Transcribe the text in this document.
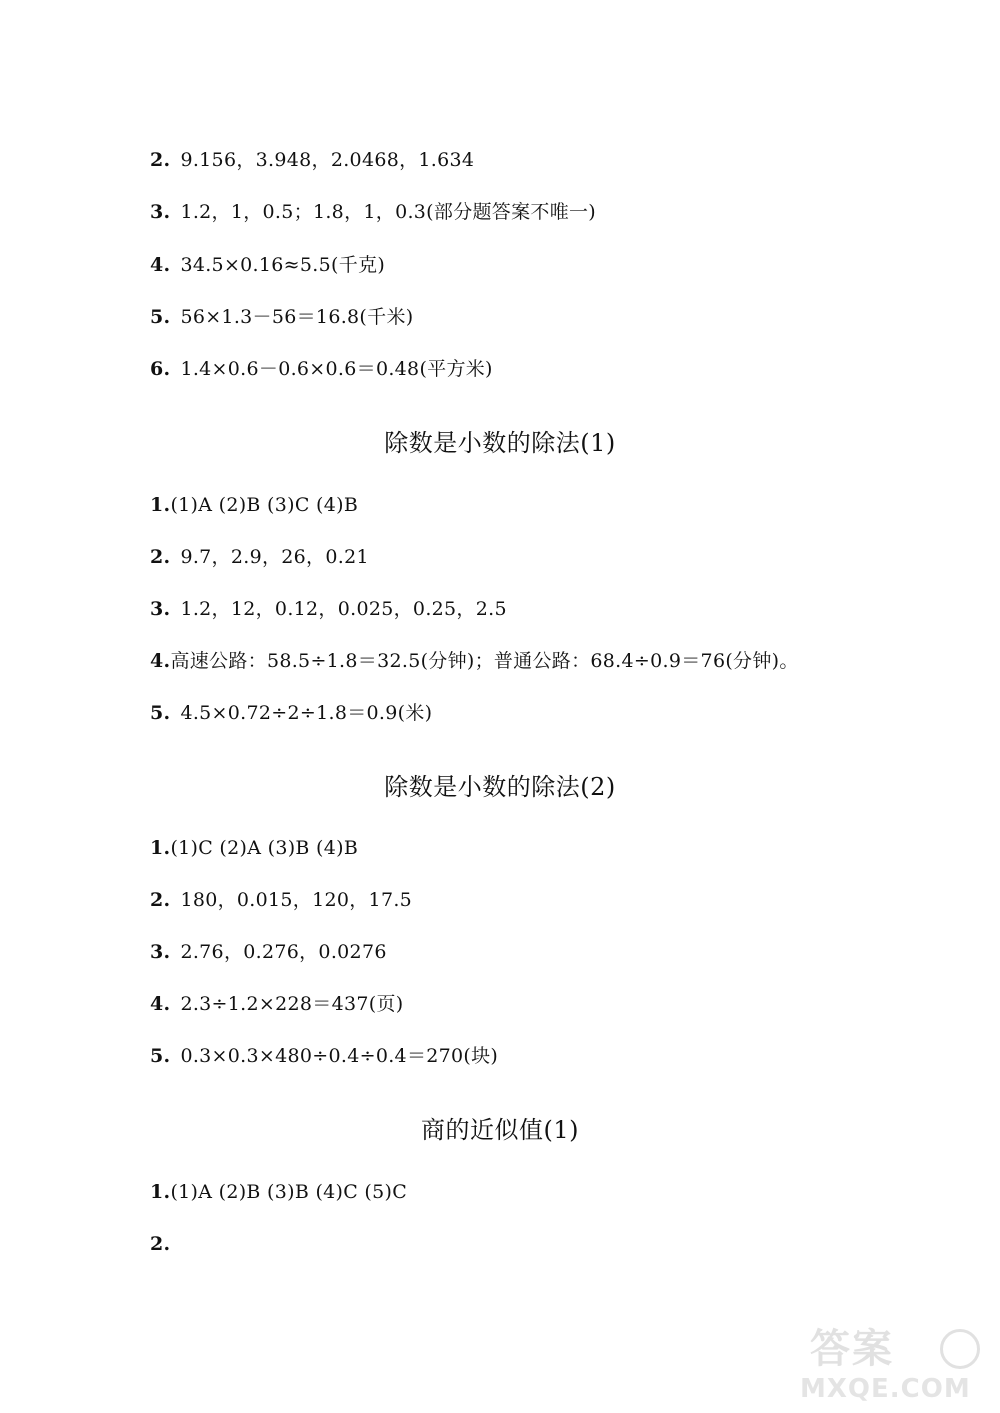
2. 9.156，3.948，2.0468，1.634
3. 1.2，1，0.5；1.8，1，0.3(部分题答案不唯一)
4. 34.5×0.16≈5.5(千克)
5. 56×1.3－56＝16.8(千米)
6. 1.4×0.6－0.6×0.6＝0.48(平方米)
除数是小数的除法(1)
1.(1)A (2)B (3)C (4)B
2. 9.7，2.9，26，0.21
3. 1.2，12，0.12，0.025，0.25，2.5
4.高速公路：58.5÷1.8＝32.5(分钟)；普通公路：68.4÷0.9＝76(分钟)。
5. 4.5×0.72÷2÷1.8＝0.9(米)
除数是小数的除法(2)
1.(1)C (2)A (3)B (4)B
2. 180，0.015，120，17.5
3. 2.76，0.276，0.0276
4. 2.3÷1.2×228＝437(页)
5. 0.3×0.3×480÷0.4÷0.4＝270(块)
商的近似值(1)
1.(1)A (2)B (3)B (4)C (5)C
2.
答案
MXQE.COM
